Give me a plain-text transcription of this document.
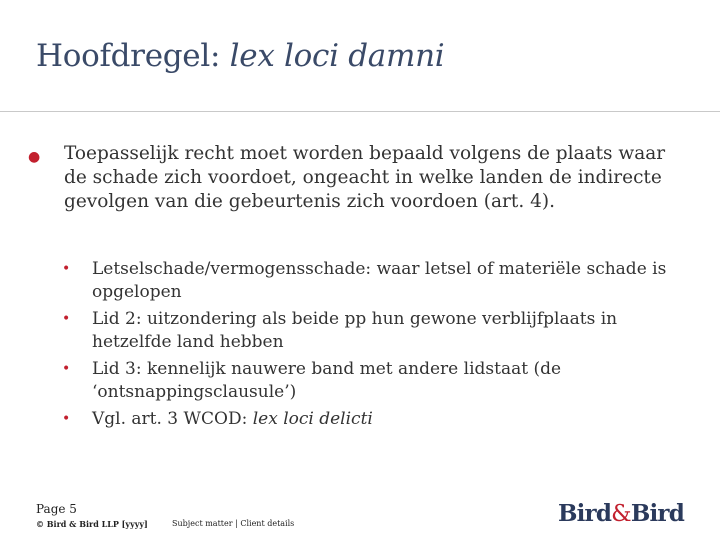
Hoofdregel: lex loci damni
● Toepasselijk recht moet worden bepaald volgens de plaats waar de schade zich voordoet, ongeacht in welke landen de indirecte gevolgen van die gebeurtenis zich voordoen (art. 4).
• Letselschade/vermogensschade: waar letsel of materiële schade is opgelopen
• Lid 2: uitzondering als beide pp hun gewone verblijfplaats in hetzelfde land hebben
• Lid 3: kennelijk nauwere band met andere lidstaat (de ‘ontsnappingsclausule’)
• Vgl. art. 3 WCOD: lex loci delicti
Page 5
© Bird & Bird LLP [yyyy]	Subject matter | Client details	Bird&Bird
